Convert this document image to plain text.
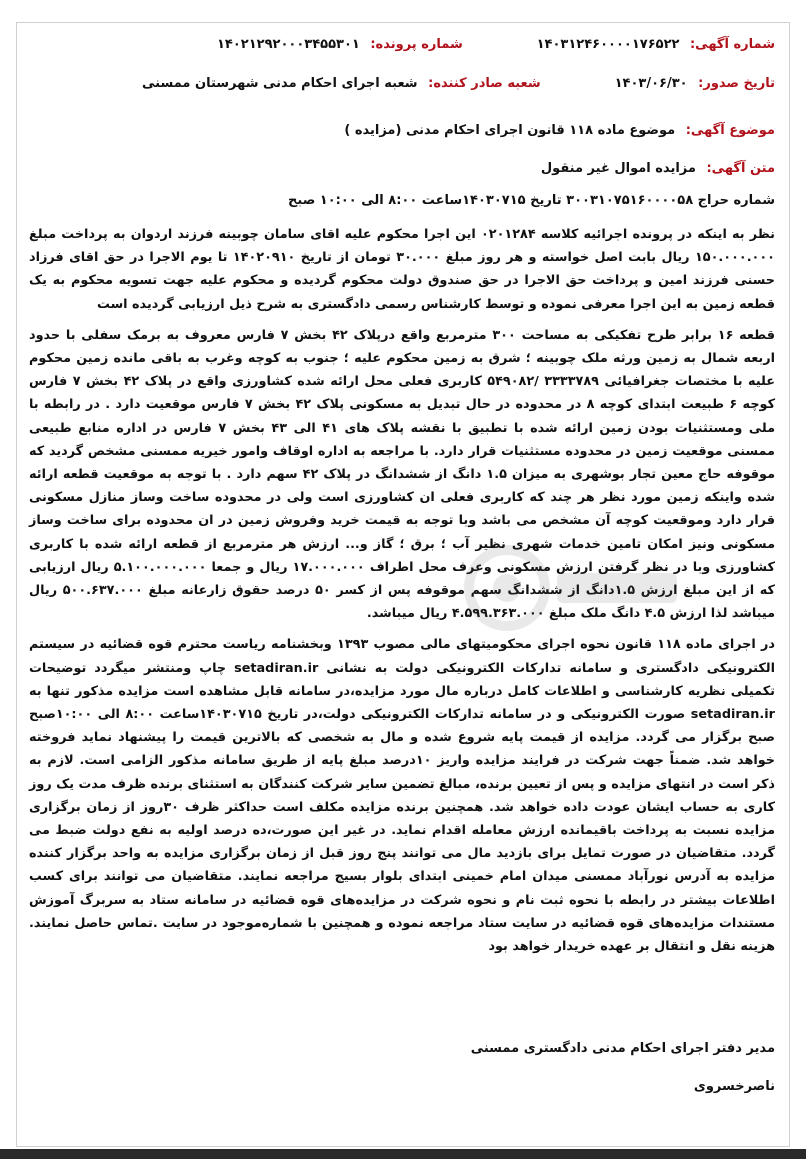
شماره آگهی: ۱۴۰۳۱۲۴۶۰۰۰۰۱۷۶۵۲۲
شماره پرونده: ۱۴۰۲۱۲۹۲۰۰۰۳۴۵۵۳۰۱
تاریخ صدور: ۱۴۰۳/۰۶/۳۰
شعبه صادر کننده: شعبه اجرای احکام مدنی شهرستان ممسنی
موضوع آگهی: موضوع ماده ۱۱۸ قانون اجرای احکام مدنی (مزایده )
متن آگهی: مزایده اموال غیر منقول
شماره حراج ۳۰۰۳۱۰۷۵۱۶۰۰۰۰۵۸ تاریخ ۱۴۰۳۰۷۱۵ساعت ۸:۰۰ الی ۱۰:۰۰ صبح

نظر به اینکه در پرونده اجرائیه کلاسه ۰۲۰۱۲۸۴ این اجرا محکوم علیه اقای سامان چوبینه فرزند اردوان به پرداخت مبلغ ۱۵۰.۰۰۰.۰۰۰ ریال بابت اصل خواسته و هر روز مبلغ ۳۰.۰۰۰ تومان از تاریخ ۱۴۰۲۰۹۱۰ تا یوم الاجرا در حق اقای فرزاد حسنی فرزند امین و پرداخت حق الاجرا در حق صندوق دولت محکوم گردیده و محکوم علیه جهت تسویه محکوم به یک قطعه زمین به این اجرا معرفی نموده و توسط کارشناس رسمی دادگستری به شرح ذیل ارزیابی گردیده است

قطعه ۱۶ برابر طرح تفکیکی به مساحت ۳۰۰ مترمربع واقع درپلاک ۴۲ بخش ۷ فارس معروف به برمک سفلی با حدود اربعه شمال به زمین ورثه ملک چوبینه ؛ شرق به زمین محکوم علیه ؛ جنوب به کوچه وغرب به باقی مانده زمین محکوم علیه با مختصات جغرافیائی ۳۳۳۳۷۸۹ /۵۴۹۰۸۲ کاربری فعلی محل ارائه شده کشاورزی واقع در پلاک ۴۲ بخش ۷ فارس کوچه ۶ طبیعت ابتدای کوچه ۸ در محدوده در حال تبدیل به مسکونی پلاک ۴۲ بخش ۷ فارس موقعیت دارد . در رابطه با ملی ومستثنیات بودن زمین ارائه شده با تطبیق با نقشه پلاک های ۴۱ الی ۴۳ بخش ۷ فارس در اداره منابع طبیعی ممسنی موقعیت زمین در محدوده مستثنیات قرار دارد. با مراجعه به اداره اوقاف وامور خیریه ممسنی مشخص گردید که موقوفه حاج معین تجار بوشهری به میزان ۱.۵ دانگ از ششدانگ در پلاک ۴۲ سهم دارد . با توجه به موقعیت قطعه ارائه شده واینکه زمین مورد نظر هر چند که کاربری فعلی ان کشاورزی است ولی در محدوده ساخت وساز منازل مسکونی قرار دارد وموقعیت کوچه آن مشخص می باشد وبا توجه به قیمت خرید وفروش زمین در ان محدوده برای ساخت وساز مسکونی ونیز امکان تامین خدمات شهری نظیر آب ؛ برق ؛ گاز و... ارزش هر مترمربع از قطعه ارائه شده با کاربری کشاورزی وبا در نظر گرفتن ارزش مسکونی وعرف محل اطراف ۱۷.۰۰۰.۰۰۰ ریال و جمعا ۵.۱۰۰.۰۰۰.۰۰۰ ریال ارزیابی که از این مبلغ ارزش ۱.۵دانگ از ششدانگ سهم موقوفه پس از کسر ۵۰ درصد حقوق زارعانه مبلغ ۵۰۰.۶۳۷.۰۰۰ ریال میباشد لذا ارزش ۴.۵ دانگ ملک مبلغ ۴.۵۹۹.۳۶۳.۰۰۰ ریال میباشد.

در اجرای ماده ۱۱۸ قانون نحوه اجرای محکومیتهای مالی مصوب ۱۳۹۳ وبخشنامه ریاست محترم قوه قضائیه در سیستم الکترونیکی دادگستری و سامانه تدارکات الکترونیکی دولت به نشانی setadiran.ir چاپ ومنتشر میگردد توضیحات تکمیلی نظریه کارشناسی و اطلاعات کامل درباره مال مورد مزایده،در سامانه قابل مشاهده است مزایده مذکور تنها به setadiran.ir صورت الکترونیکی و در سامانه تدارکات الکترونیکی دولت،در تاریخ ۱۴۰۳۰۷۱۵ساعت ۸:۰۰ الی ۱۰:۰۰صبح صبح برگزار می گردد. مزایده از قیمت پایه شروع شده و مال به شخصی که بالاترین قیمت را پیشنهاد نماید فروخته خواهد شد. ضمناً جهت شرکت در فرایند مزایده واریز ۱۰درصد مبلغ پایه از طریق سامانه مذکور الزامی است. لازم به ذکر است در انتهای مزایده و پس از تعیین برنده، مبالغ تضمین سایر شرکت کنندگان به استثنای برنده ظرف مدت یک روز کاری به حساب ایشان عودت داده خواهد شد. همچنین برنده مزایده مکلف است حداکثر ظرف ۳۰روز از زمان برگزاری مزایده نسبت به پرداخت باقیمانده ارزش معامله اقدام نماید. در غیر این صورت،ده درصد اولیه به نفع دولت ضبط می گردد. متقاضیان در صورت تمایل برای بازدید مال می توانند پنج روز قبل از زمان برگزاری مزایده به واحد برگزار کننده مزایده به آدرس نورآباد ممسنی میدان امام خمینی ابتدای بلوار بسیج مراجعه نمایند. متقاضیان می توانند برای کسب اطلاعات بیشتر در رابطه با نحوه ثبت نام و نحوه شرکت در مزایده‌های قوه قضائیه در سامانه ستاد به سربرگ آموزش مستندات مزایده‌های قوه قضائیه در سایت ستاد مراجعه نموده و همچنین با شماره‌موجود در سایت .تماس حاصل نمایند. هزینه نقل و انتقال بر عهده خریدار خواهد بود

مدیر دفتر اجرای احکام مدنی دادگستری ممسنی
ناصرخسروی
